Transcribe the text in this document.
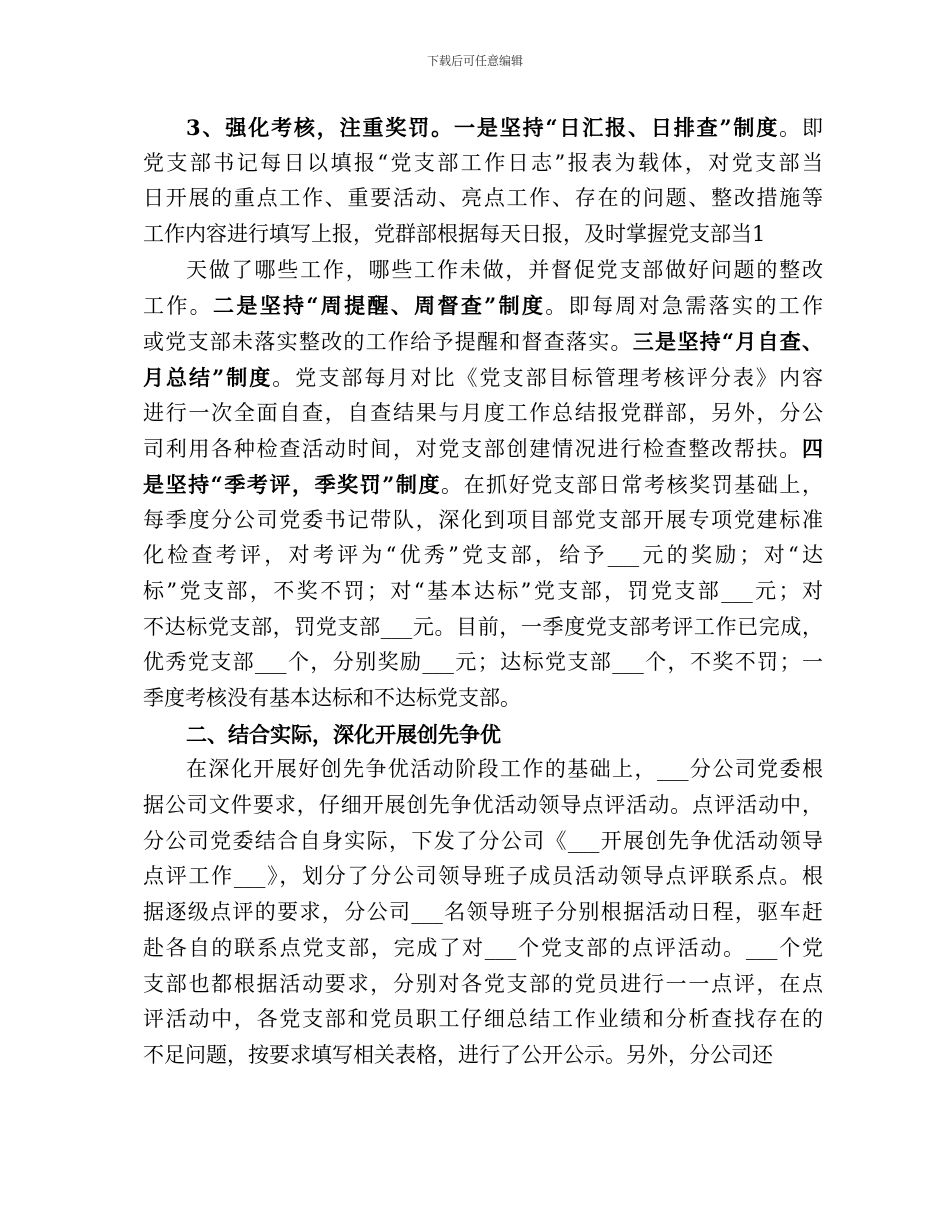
下载后可任意编辑
3、强化考核，注重奖罚。一是坚持“日汇报、日排查”制度。即
党支部书记每日以填报“党支部工作日志”报表为载体，对党支部当
日开展的重点工作、重要活动、亮点工作、存在的问题、整改措施等
工作内容进行填写上报，党群部根据每天日报，及时掌握党支部当1
天做了哪些工作，哪些工作未做，并督促党支部做好问题的整改
工作。二是坚持“周提醒、周督查”制度。即每周对急需落实的工作
或党支部未落实整改的工作给予提醒和督查落实。三是坚持“月自查、
月总结”制度。党支部每月对比《党支部目标管理考核评分表》内容
进行一次全面自查，自查结果与月度工作总结报党群部，另外，分公
司利用各种检查活动时间，对党支部创建情况进行检查整改帮扶。四
是坚持“季考评，季奖罚”制度。在抓好党支部日常考核奖罚基础上，
每季度分公司党委书记带队，深化到项目部党支部开展专项党建标准
化检查考评，对考评为“优秀”党支部，给予___元的奖励；对“达
标”党支部，不奖不罚；对“基本达标”党支部，罚党支部___元；对
不达标党支部，罚党支部___元。目前，一季度党支部考评工作已完成，
优秀党支部___个，分别奖励___元；达标党支部___个，不奖不罚；一
季度考核没有基本达标和不达标党支部。
二、结合实际，深化开展创先争优
在深化开展好创先争优活动阶段工作的基础上，___分公司党委根
据公司文件要求，仔细开展创先争优活动领导点评活动。点评活动中，
分公司党委结合自身实际，下发了分公司《___开展创先争优活动领导
点评工作___》，划分了分公司领导班子成员活动领导点评联系点。根
据逐级点评的要求，分公司___名领导班子分别根据活动日程，驱车赶
赴各自的联系点党支部，完成了对___个党支部的点评活动。___个党
支部也都根据活动要求，分别对各党支部的党员进行一一点评，在点
评活动中，各党支部和党员职工仔细总结工作业绩和分析查找存在的
不足问题，按要求填写相关表格，进行了公开公示。另外，分公司还
